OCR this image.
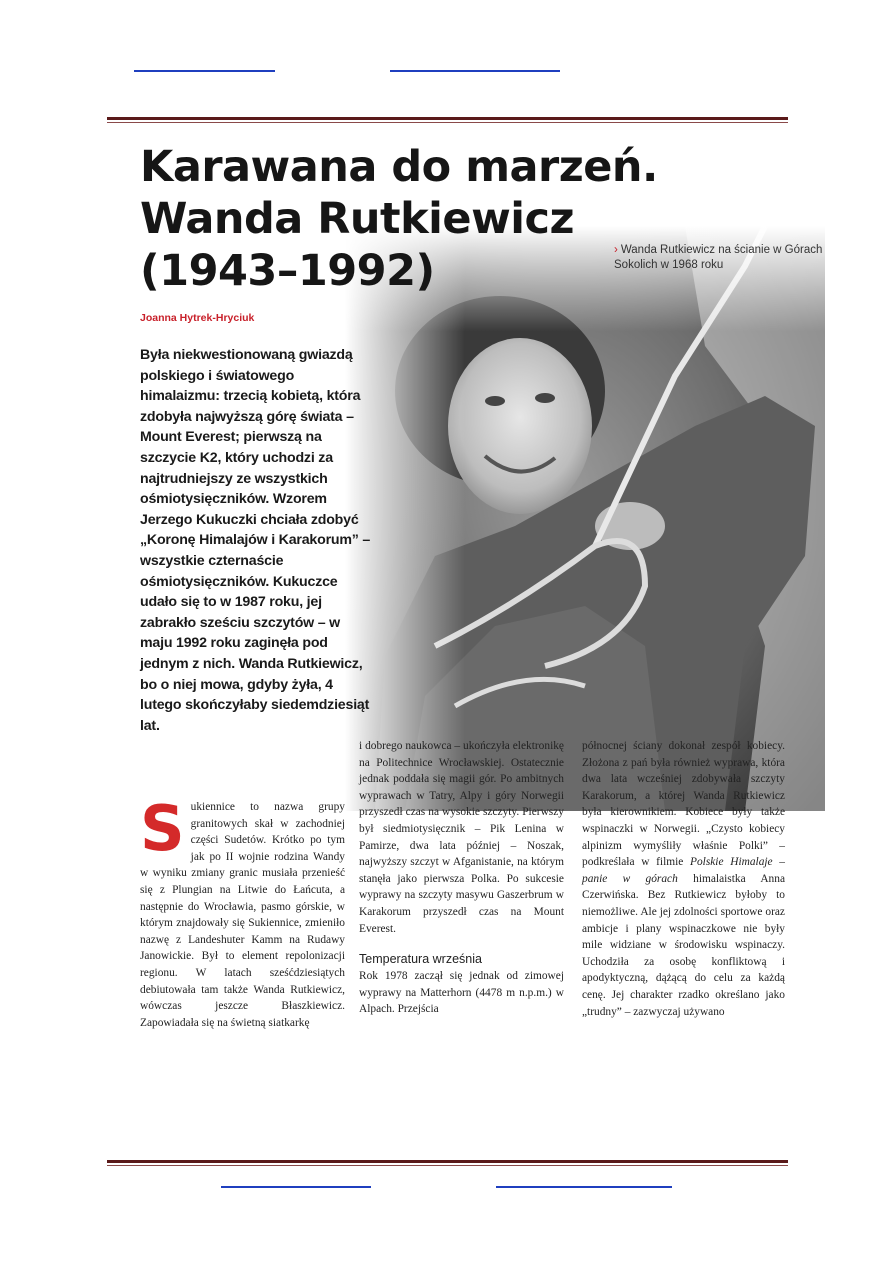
Karawana do marzeń.
Wanda Rutkiewicz
(1943–1992)
Joanna Hytrek-Hryciuk
› Wanda Rutkiewicz na ścianie w Górach Sokolich w 1968 roku
Była niekwestionowaną gwiazdą polskiego i światowego himalaizmu: trzecią kobietą, która zdobyła najwyższą górę świata – Mount Everest; pierwszą na szczycie K2, który uchodzi za najtrudniejszy ze wszystkich ośmiotysięczników. Wzorem Jerzego Kukuczki chciała zdobyć „Koronę Himalajów i Karakorum” – wszystkie czternaście ośmiotysięczników. Kukuczce udało się to w 1987 roku, jej zabrakło sześciu szczytów – w maju 1992 roku zaginęła pod jednym z nich. Wanda Rutkiewicz, bo o niej mowa, gdyby żyła, 4 lutego skończyłaby siedemdziesiąt lat.
S ukiennice to nazwa grupy granitowych skał w zachodniej części Sudetów. Krótko po tym jak po II wojnie rodzina Wandy w wyniku zmiany granic musiała przenieść się z Plungian na Litwie do Łańcuta, a następnie do Wrocławia, pasmo górskie, w którym znajdowały się Sukiennice, zmieniło nazwę z Landeshuter Kamm na Rudawy Janowickie. Był to element repolonizacji regionu. W latach sześćdziesiątych debiutowała tam także Wanda Rutkiewicz, wówczas jeszcze Błaszkiewicz. Zapowiadała się na świetną siatkarkę

i dobrego naukowca – ukończyła elektronikę na Politechnice Wrocławskiej. Ostatecznie jednak poddała się magii gór. Po ambitnych wyprawach w Tatry, Alpy i góry Norwegii przyszedł czas na wysokie szczyty. Pierwszy był siedmiotysięcznik – Pik Lenina w Pamirze, dwa lata później – Noszak, najwyższy szczyt w Afganistanie, na którym stanęła jako pierwsza Polka. Po sukcesie wyprawy na szczyty masywu Gaszerbrum w Karakorum przyszedł czas na Mount Everest.

Temperatura września

Rok 1978 zaczął się jednak od zimowej wyprawy na Matterhorn (4478 m n.p.m.) w Alpach. Przejścia

północnej ściany dokonał zespół kobiecy. Złożona z pań była również wyprawa, która dwa lata wcześniej zdobywała szczyty Karakorum, a której Wanda Rutkiewicz była kierownikiem. Kobiece były także wspinaczki w Norwegii. „Czysto kobiecy alpinizm wymyśliły właśnie Polki” – podkreślała w filmie Polskie Himalaje – panie w górach himalaistka Anna Czerwińska. Bez Rutkiewicz byłoby to niemożliwe. Ale jej zdolności sportowe oraz ambicje i plany wspinaczkowe nie były mile widziane w środowisku wspinaczy. Uchodziła za osobę konfliktową i apodyktyczną, dążącą do celu za każdą cenę. Jej charakter rzadko określano jako „trudny” – zazwyczaj używano
